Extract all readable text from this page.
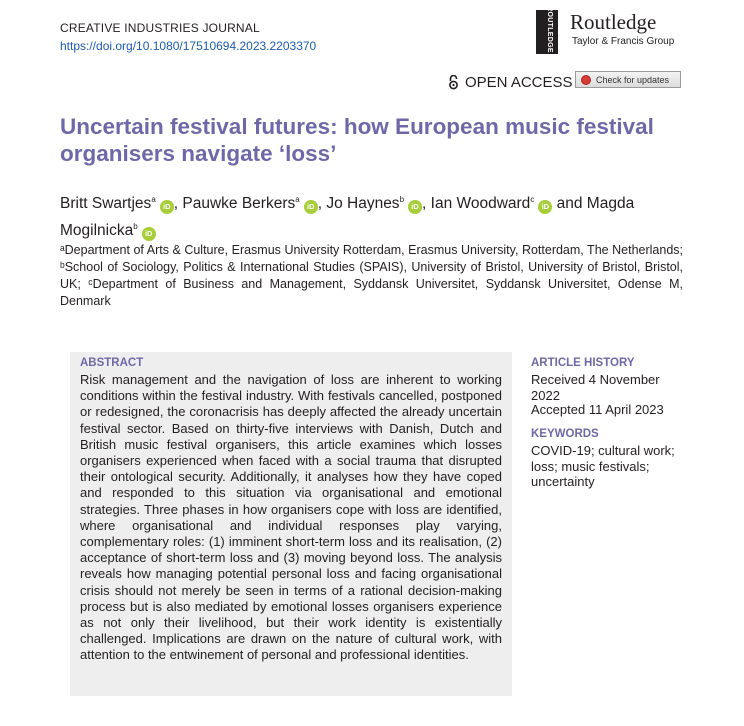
CREATIVE INDUSTRIES JOURNAL
https://doi.org/10.1080/17510694.2023.2203370	ROUTLEDGE Routledge
Taylor & Francis Group
OPEN ACCESS	Check for updates
Uncertain festival futures: how European music festival organisers navigate ‘loss’
Britt Swartjes$^a$iD , Pauwke Berkers$^a$iD , Jo Haynes$^b$iD , Ian Woodward$^c$iD and Magda Mogilnicka$^b$iD
ᵃDepartment of Arts & Culture, Erasmus University Rotterdam, Erasmus University, Rotterdam, The Netherlands; ᵇSchool of Sociology, Politics & International Studies (SPAIS), University of Bristol, University of Bristol, Bristol, UK; ᶜDepartment of Business and Management, Syddansk Universitet, Syddansk Universitet, Odense M, Denmark
ABSTRACT
Risk management and the navigation of loss are inherent to working conditions within the festival industry. With festivals cancelled, postponed or redesigned, the coronacrisis has deeply affected the already uncertain festival sector. Based on thirty-five interviews with Danish, Dutch and British music festival organisers, this article examines which losses organisers experienced when faced with a social trauma that disrupted their ontological security. Additionally, it analyses how they have coped and responded to this situation via organisational and emotional strategies. Three phases in how organisers cope with loss are identified, where organisational and individual responses play varying, complementary roles: (1) imminent short-term loss and its realisation, (2) acceptance of short-term loss and (3) moving beyond loss. The analysis reveals how managing potential personal loss and facing organisational crisis should not merely be seen in terms of a rational decision-making process but is also mediated by emotional losses organisers experience as not only their livelihood, but their work identity is existentially challenged. Implications are drawn on the nature of cultural work, with attention to the entwinement of personal and professional identities.
ARTICLE HISTORY
Received 4 November 2022
Accepted 11 April 2023
KEYWORDS
COVID-19; cultural work; loss; music festivals; uncertainty
